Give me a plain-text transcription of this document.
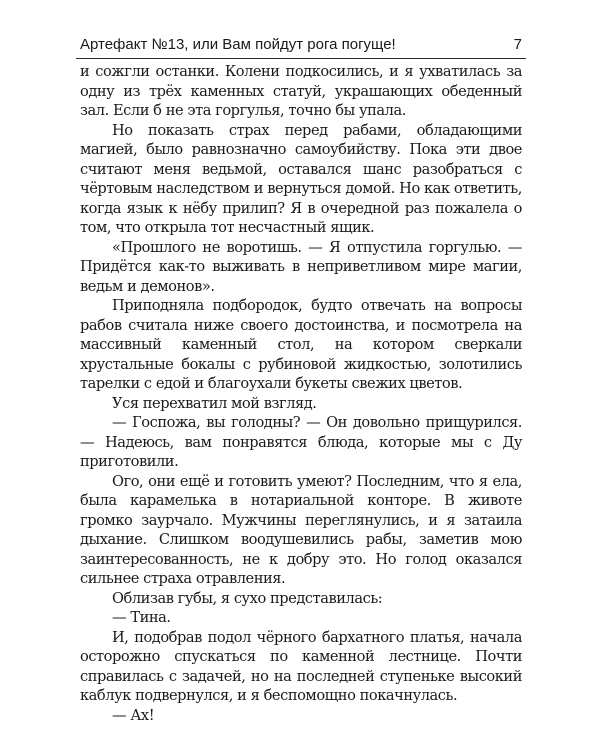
Артефакт №13, или Вам пойдут рога погуще!	7

и сожгли останки. Колени подкосились, и я ухватилась за одну из трёх каменных статуй, украшающих обеденный зал. Если б не эта горгулья, точно бы упала.

Но показать страх перед рабами, обладающими магией, было равнозначно самоубийству. Пока эти двое считают меня ведьмой, оставался шанс разобраться с чёртовым наследством и вернуться домой. Но как ответить, когда язык к нёбу прилип? Я в очередной раз пожалела о том, что открыла тот несчастный ящик.

«Прошлого не воротишь. — Я отпустила горгулью. — Придётся как-то выживать в неприветливом мире магии, ведьм и демонов».

Приподняла подбородок, будто отвечать на вопросы рабов считала ниже своего достоинства, и посмотрела на массивный каменный стол, на котором сверкали хрустальные бокалы с рубиновой жидкостью, золотились тарелки с едой и благоухали букеты свежих цветов.

Уся перехватил мой взгляд.

— Госпожа, вы голодны? — Он довольно прищурился. — Надеюсь, вам понравятся блюда, которые мы с Ду приготовили.

Ого, они ещё и готовить умеют? Последним, что я ела, была карамелька в нотариальной конторе. В животе громко заурчало. Мужчины переглянулись, и я затаила дыхание. Слишком воодушевились рабы, заметив мою заинтересованность, не к добру это. Но голод оказался сильнее страха отравления.

Облизав губы, я сухо представилась:

— Тина.

И, подобрав подол чёрного бархатного платья, начала осторожно спускаться по каменной лестнице. Почти справилась с задачей, но на последней ступеньке высокий каблук подвернулся, и я беспомощно покачнулась.

— Ах!
